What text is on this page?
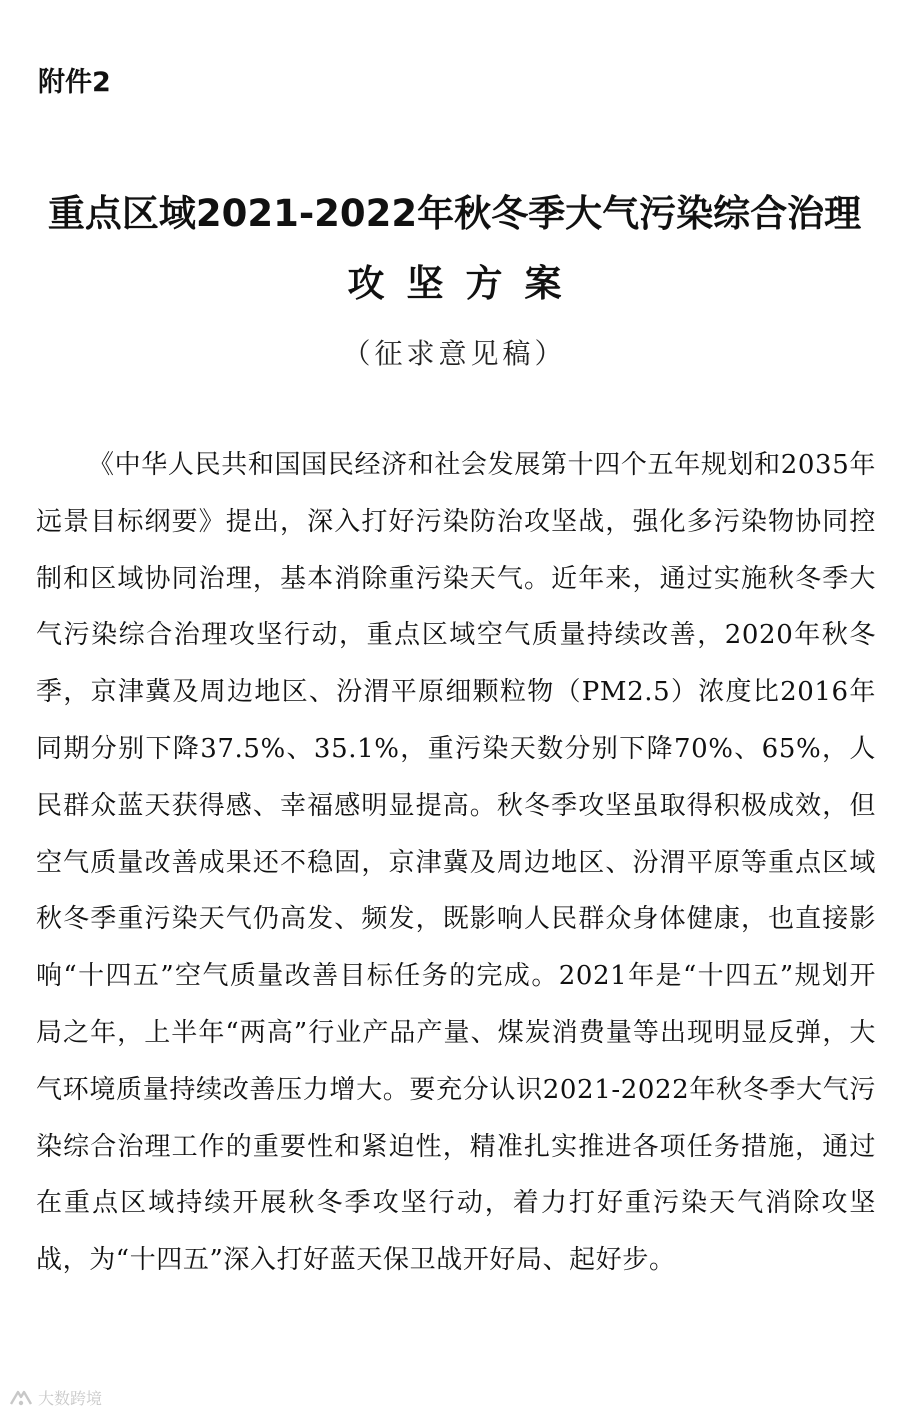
附件2
重点区域2021-2022年秋冬季大气污染综合治理
攻坚方案
（征求意见稿）

《中华人民共和国国民经济和社会发展第十四个五年规划和2035年远景目标纲要》提出，深入打好污染防治攻坚战，强化多污染物协同控制和区域协同治理，基本消除重污染天气。近年来，通过实施秋冬季大气污染综合治理攻坚行动，重点区域空气质量持续改善，2020年秋冬季，京津冀及周边地区、汾渭平原细颗粒物（PM2.5）浓度比2016年同期分别下降37.5%、35.1%，重污染天数分别下降70%、65%，人民群众蓝天获得感、幸福感明显提高。秋冬季攻坚虽取得积极成效，但空气质量改善成果还不稳固，京津冀及周边地区、汾渭平原等重点区域秋冬季重污染天气仍高发、频发，既影响人民群众身体健康，也直接影响“十四五”空气质量改善目标任务的完成。2021年是“十四五”规划开局之年，上半年“两高”行业产品产量、煤炭消费量等出现明显反弹，大气环境质量持续改善压力增大。要充分认识2021-2022年秋冬季大气污染综合治理工作的重要性和紧迫性，精准扎实推进各项任务措施，通过在重点区域持续开展秋冬季攻坚行动，着力打好重污染天气消除攻坚战，为“十四五”深入打好蓝天保卫战开好局、起好步。

大数跨境
